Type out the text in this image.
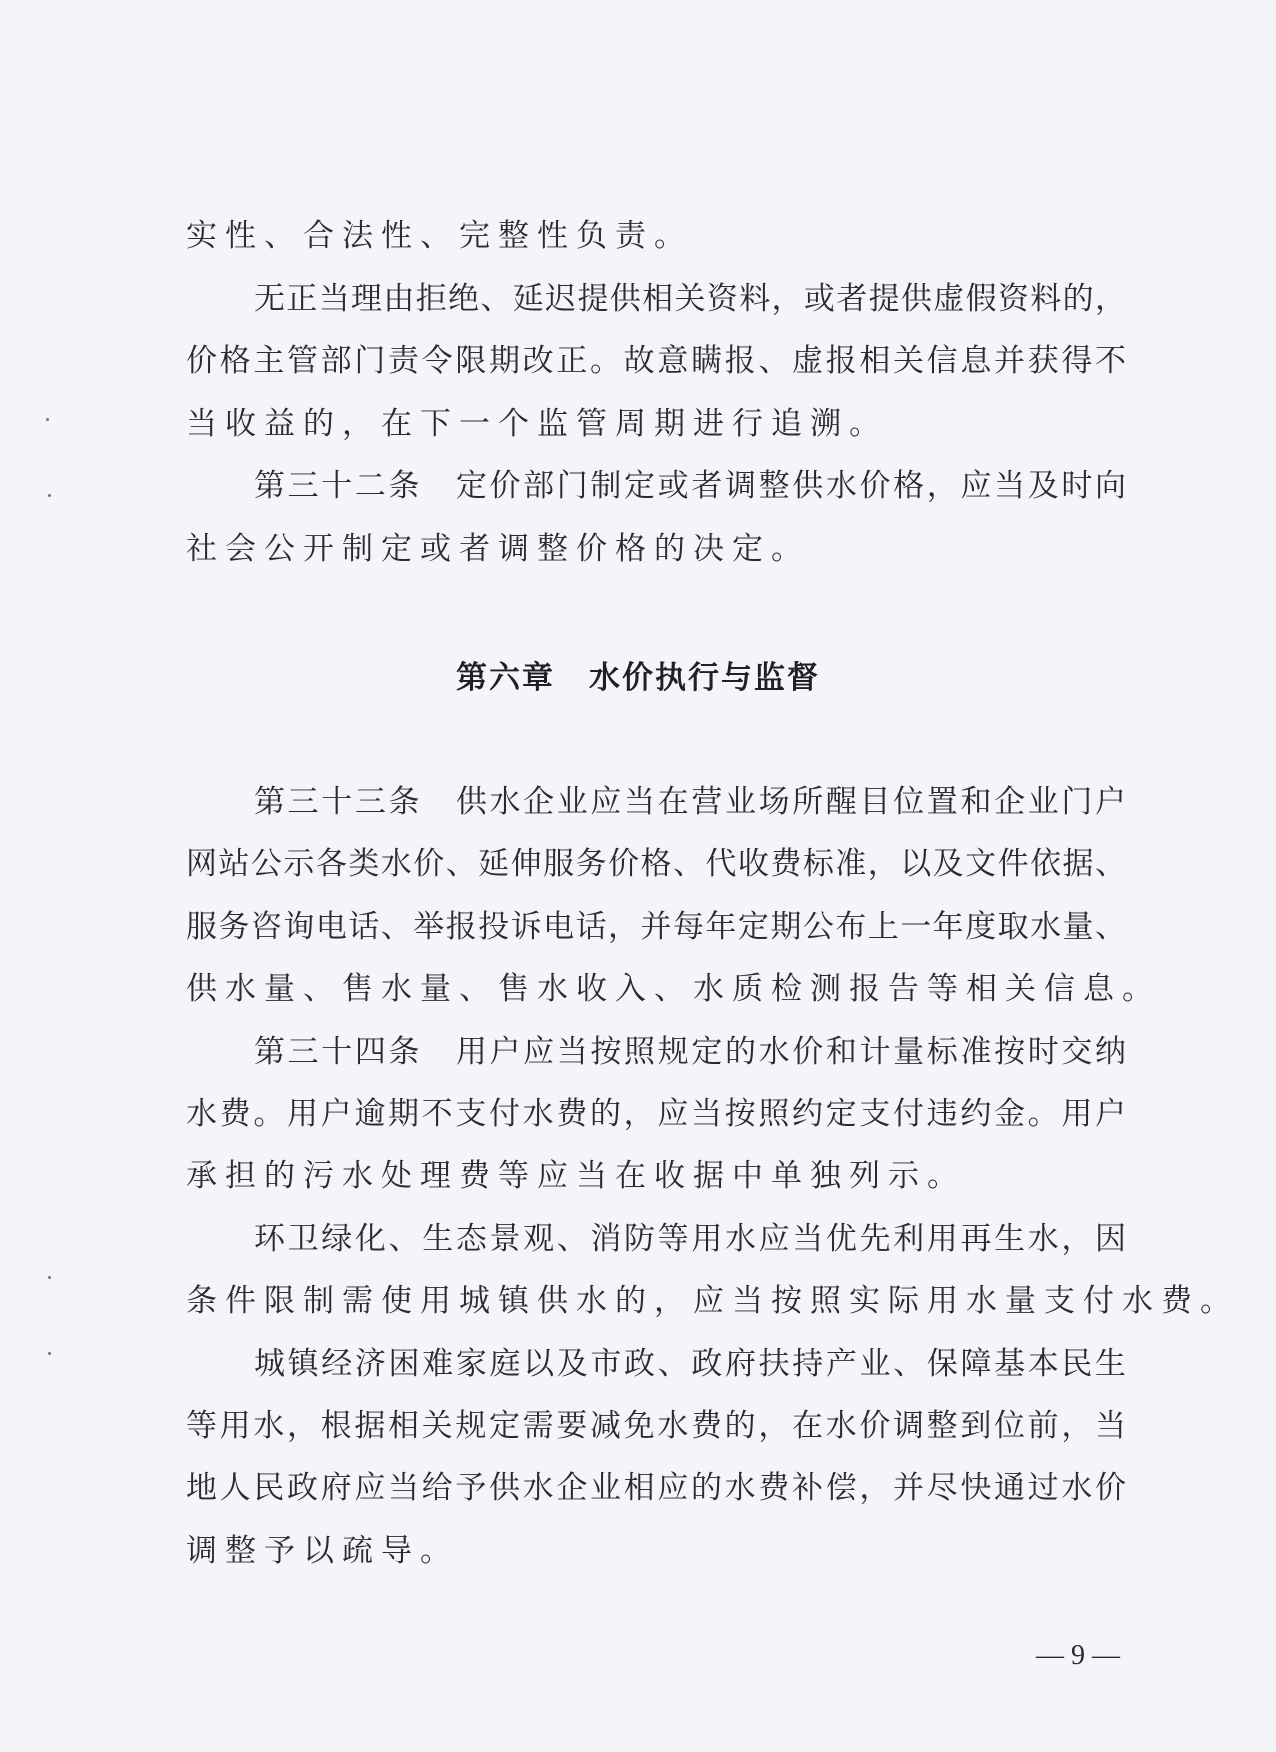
实性、合法性、完整性负责。
无正当理由拒绝、延迟提供相关资料，或者提供虚假资料的，
价格主管部门责令限期改正。故意瞒报、虚报相关信息并获得不
当收益的，在下一个监管周期进行追溯。
第三十二条　定价部门制定或者调整供水价格，应当及时向
社会公开制定或者调整价格的决定。
第六章 水价执行与监督
第三十三条　供水企业应当在营业场所醒目位置和企业门户
网站公示各类水价、延伸服务价格、代收费标准，以及文件依据、
服务咨询电话、举报投诉电话，并每年定期公布上一年度取水量、
供水量、售水量、售水收入、水质检测报告等相关信息。
第三十四条　用户应当按照规定的水价和计量标准按时交纳
水费。用户逾期不支付水费的，应当按照约定支付违约金。用户
承担的污水处理费等应当在收据中单独列示。
环卫绿化、生态景观、消防等用水应当优先利用再生水，因
条件限制需使用城镇供水的，应当按照实际用水量支付水费。
城镇经济困难家庭以及市政、政府扶持产业、保障基本民生
等用水，根据相关规定需要减免水费的，在水价调整到位前，当
地人民政府应当给予供水企业相应的水费补偿，并尽快通过水价
调整予以疏导。
— 9 —
